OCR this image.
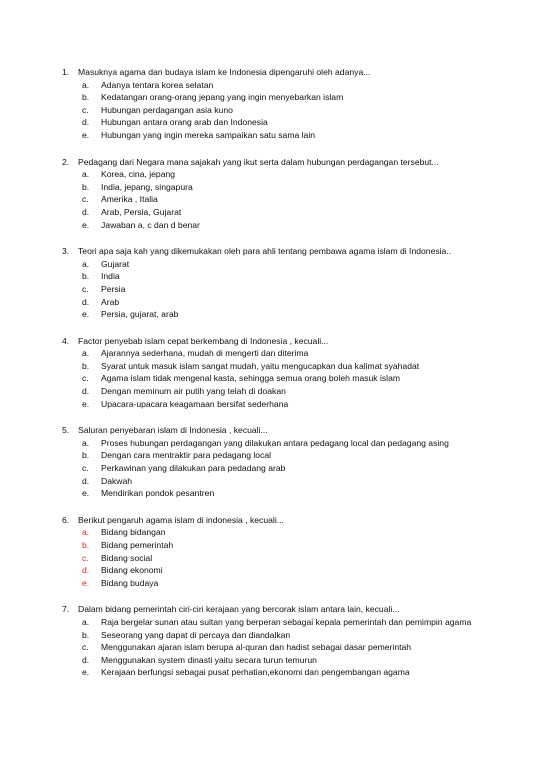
1.	Masuknya agama dan budaya islam ke Indonesia dipengaruhi oleh adanya...
a.	Adanya tentara korea selatan
b.	Kedatangan orang-orang jepang yang ingin menyebarkan islam
c.	Hubungan perdagangan asia kuno
d.	Hubungan antara orang arab dan Indonesia
e.	Hubungan yang ingin mereka sampaikan satu sama lain
2.	Pedagang dari Negara mana sajakah yang ikut serta dalam hubungan perdagangan tersebut...
a.	Korea, cina, jepang
b.	India, jepang, singapura
c.	Amerika , Italia
d.	Arab, Persia, Gujarat
e.	Jawaban a, c dan d benar
3.	Teori apa saja kah yang dikemukakan oleh para ahli tentang pembawa agama islam di Indonesia..
a.	Gujarat
b.	India
c.	Persia
d.	Arab
e.	Persia, gujarat, arab
4.	Factor penyebab islam cepat berkembang di Indonesia , kecuali...
a.	Ajarannya sederhana, mudah di mengerti dan diterima
b.	Syarat untuk masuk islam sangat mudah, yaitu mengucapkan dua kalimat syahadat
c.	Agama islam tidak mengenal kasta, sehingga semua orang boleh masuk islam
d.	Dengan meminum air putih yang telah di doakan
e.	Upacara-upacara keagamaan bersifat sederhana
5.	Saluran penyebaran islam di Indonesia , kecuali...
a.	Proses hubungan perdagangan yang dilakukan antara pedagang local dan pedagang asing
b.	Dengan cara mentraktir para pedagang local
c.	Perkawinan yang dilakukan para pedadang arab
d.	Dakwah
e.	Mendirikan pondok pesantren
6.	Berikut pengaruh agama islam di indonesia , kecuali...
a.	Bidang bidangan
b.	Bidang pemerintah
c.	Bidang social
d.	Bidang ekonomi
e.	Bidang budaya
7.	Dalam bidang pemerintah ciri-ciri kerajaan yang bercorak islam antara lain, kecuali...
a.	Raja bergelar sunan atau sultan yang berperan sebagai kepala pemerintah dan pemimpin agama
b.	Seseorang yang dapat di percaya dan diandalkan
c.	Menggunakan ajaran islam berupa al-quran dan hadist sebagai dasar pemerintah
d.	Menggunakan system dinasti yaitu secara turun temurun
e.	Kerajaan berfungsi sebagai pusat perhatian,ekonomi dan pengembangan agama
